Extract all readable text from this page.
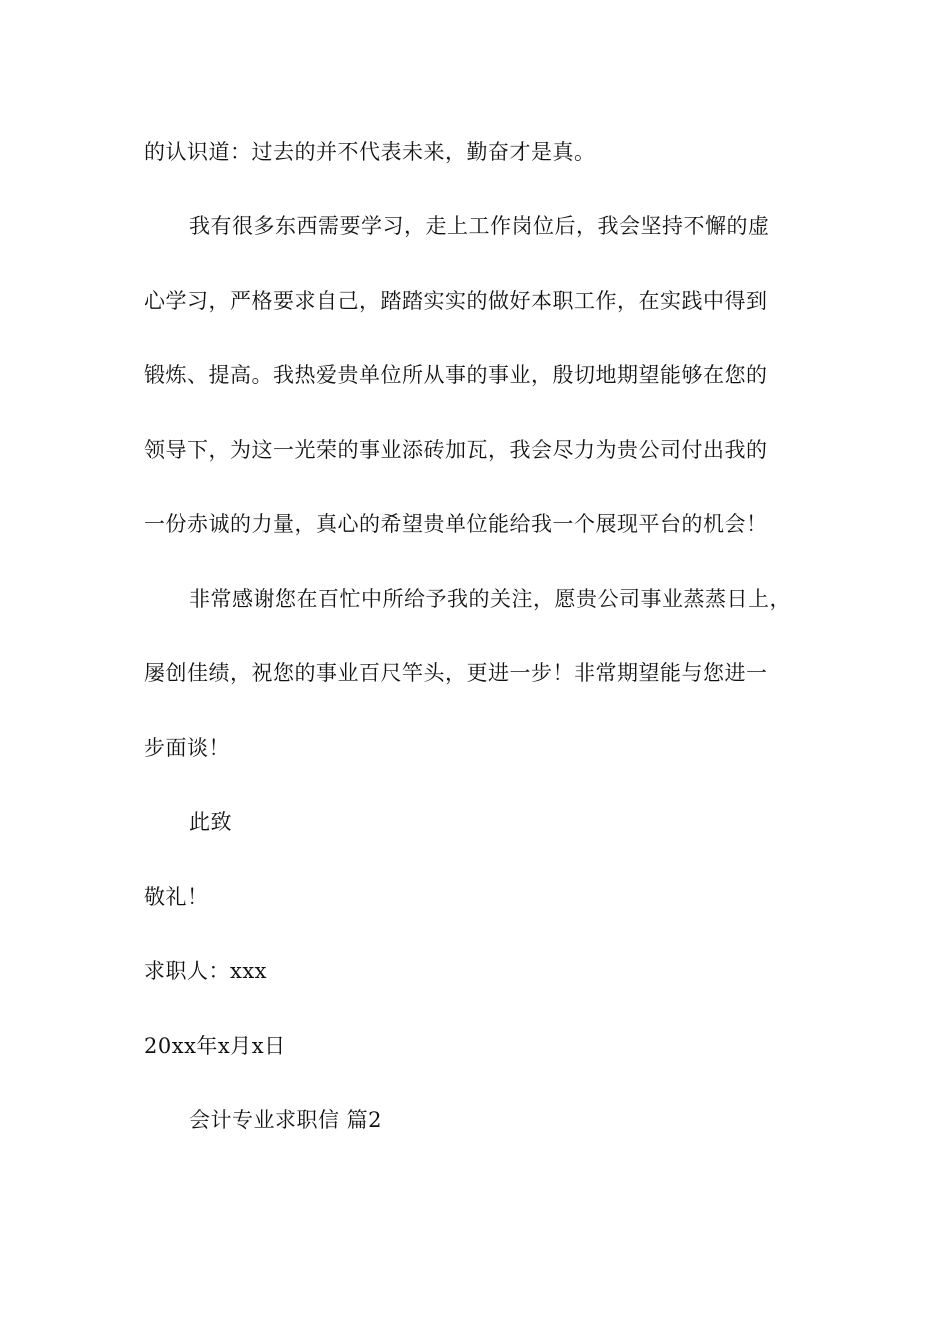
的认识道：过去的并不代表未来，勤奋才是真。
我有很多东西需要学习，走上工作岗位后，我会坚持不懈的虚
心学习，严格要求自己，踏踏实实的做好本职工作，在实践中得到
锻炼、提高。我热爱贵单位所从事的事业，殷切地期望能够在您的
领导下，为这一光荣的事业添砖加瓦，我会尽力为贵公司付出我的
一份赤诚的力量，真心的希望贵单位能给我一个展现平台的机会！
非常感谢您在百忙中所给予我的关注，愿贵公司事业蒸蒸日上，
屡创佳绩，祝您的事业百尺竿头，更进一步！非常期望能与您进一
步面谈！
此致
敬礼！
求职人：xxx
20xx年x月x日
会计专业求职信 篇2
